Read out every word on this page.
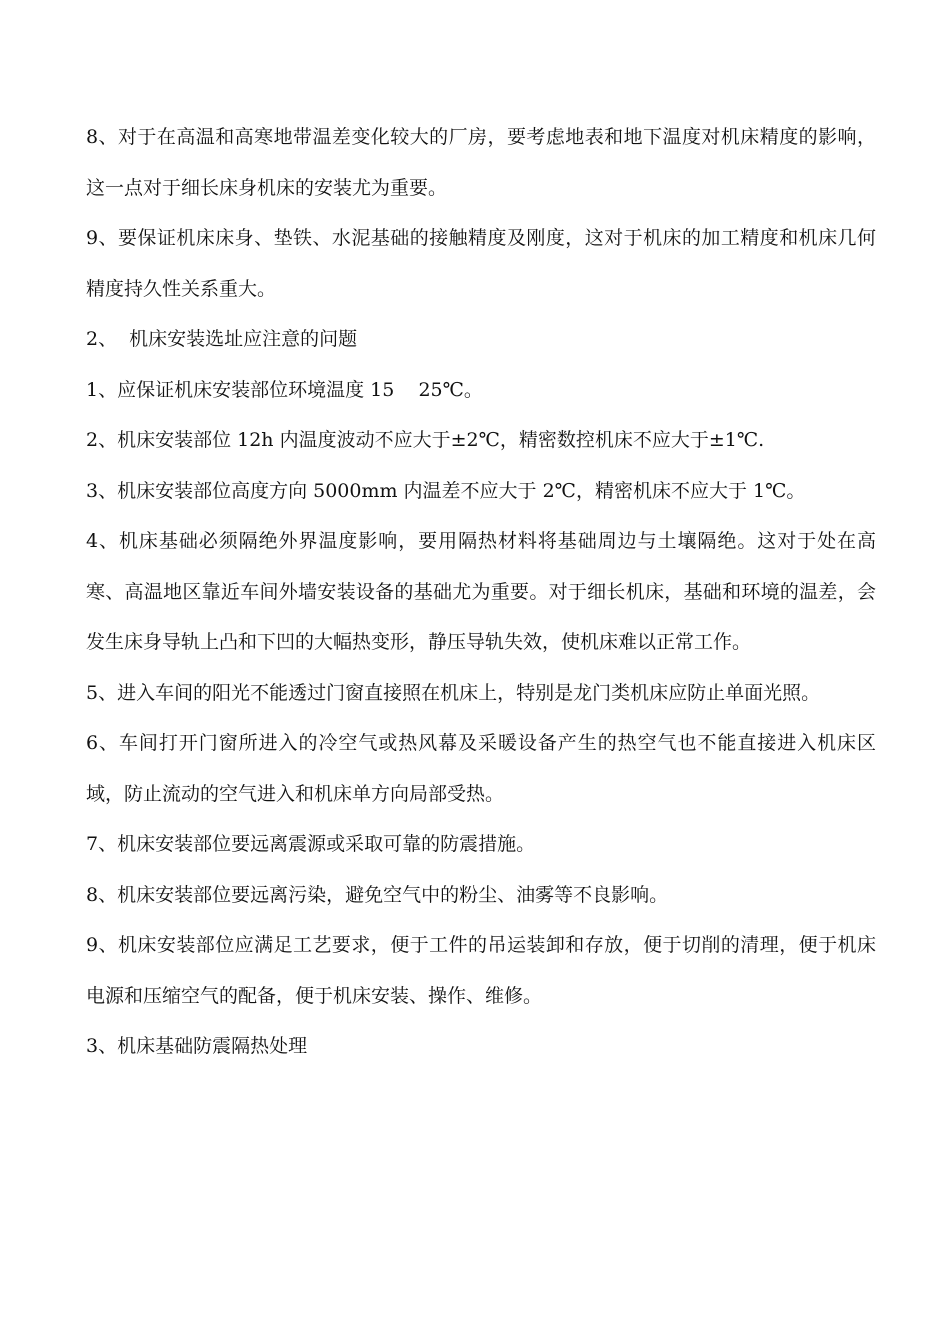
8、对于在高温和高寒地带温差变化较大的厂房，要考虑地表和地下温度对机床精度的影响，这一点对于细长床身机床的安装尤为重要。

9、要保证机床床身、垫铁、水泥基础的接触精度及刚度，这对于机床的加工精度和机床几何精度持久性关系重大。

2、  机床安装选址应注意的问题

1、应保证机床安装部位环境温度 15    25℃。

2、机床安装部位 12h 内温度波动不应大于±2℃，精密数控机床不应大于±1℃.

3、机床安装部位高度方向 5000mm 内温差不应大于 2℃，精密机床不应大于 1℃。

4、机床基础必须隔绝外界温度影响，要用隔热材料将基础周边与土壤隔绝。这对于处在高寒、高温地区靠近车间外墙安装设备的基础尤为重要。对于细长机床，基础和环境的温差，会发生床身导轨上凸和下凹的大幅热变形，静压导轨失效，使机床难以正常工作。

5、进入车间的阳光不能透过门窗直接照在机床上，特别是龙门类机床应防止单面光照。

6、车间打开门窗所进入的冷空气或热风幕及采暖设备产生的热空气也不能直接进入机床区域，防止流动的空气进入和机床单方向局部受热。

7、机床安装部位要远离震源或采取可靠的防震措施。

8、机床安装部位要远离污染，避免空气中的粉尘、油雾等不良影响。

9、机床安装部位应满足工艺要求，便于工件的吊运装卸和存放，便于切削的清理，便于机床电源和压缩空气的配备，便于机床安装、操作、维修。

3、机床基础防震隔热处理
